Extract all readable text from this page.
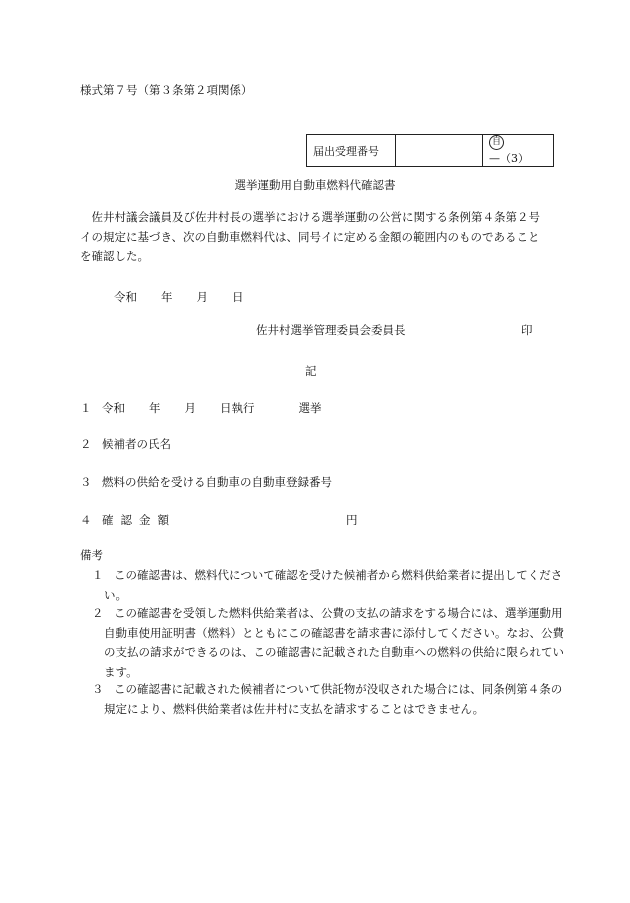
様式第７号（第３条第２項関係）
届出受理番号		自 —（3）
選挙運動用自動車燃料代確認書
佐井村議会議員及び佐井村長の選挙における選挙運動の公営に関する条例第４条第２号イの規定に基づき、次の自動車燃料代は、同号イに定める金額の範囲内のものであることを確認した。
令和 年 月 日
佐井村選挙管理委員会委員長	印
記
１ 令和 年 月 日執行	選挙
２ 候補者の氏名
３ 燃料の供給を受ける自動車の自動車登録番号
４ 確認金額	円
備考
１ この確認書は、燃料代について確認を受けた候補者から燃料供給業者に提出してください。
２ この確認書を受領した燃料供給業者は、公費の支払の請求をする場合には、選挙運動用自動車使用証明書（燃料）とともにこの確認書を請求書に添付してください。なお、公費の支払の請求ができるのは、この確認書に記載された自動車への燃料の供給に限られています。
３ この確認書に記載された候補者について供託物が没収された場合には、同条例第４条の規定により、燃料供給業者は佐井村に支払を請求することはできません。
